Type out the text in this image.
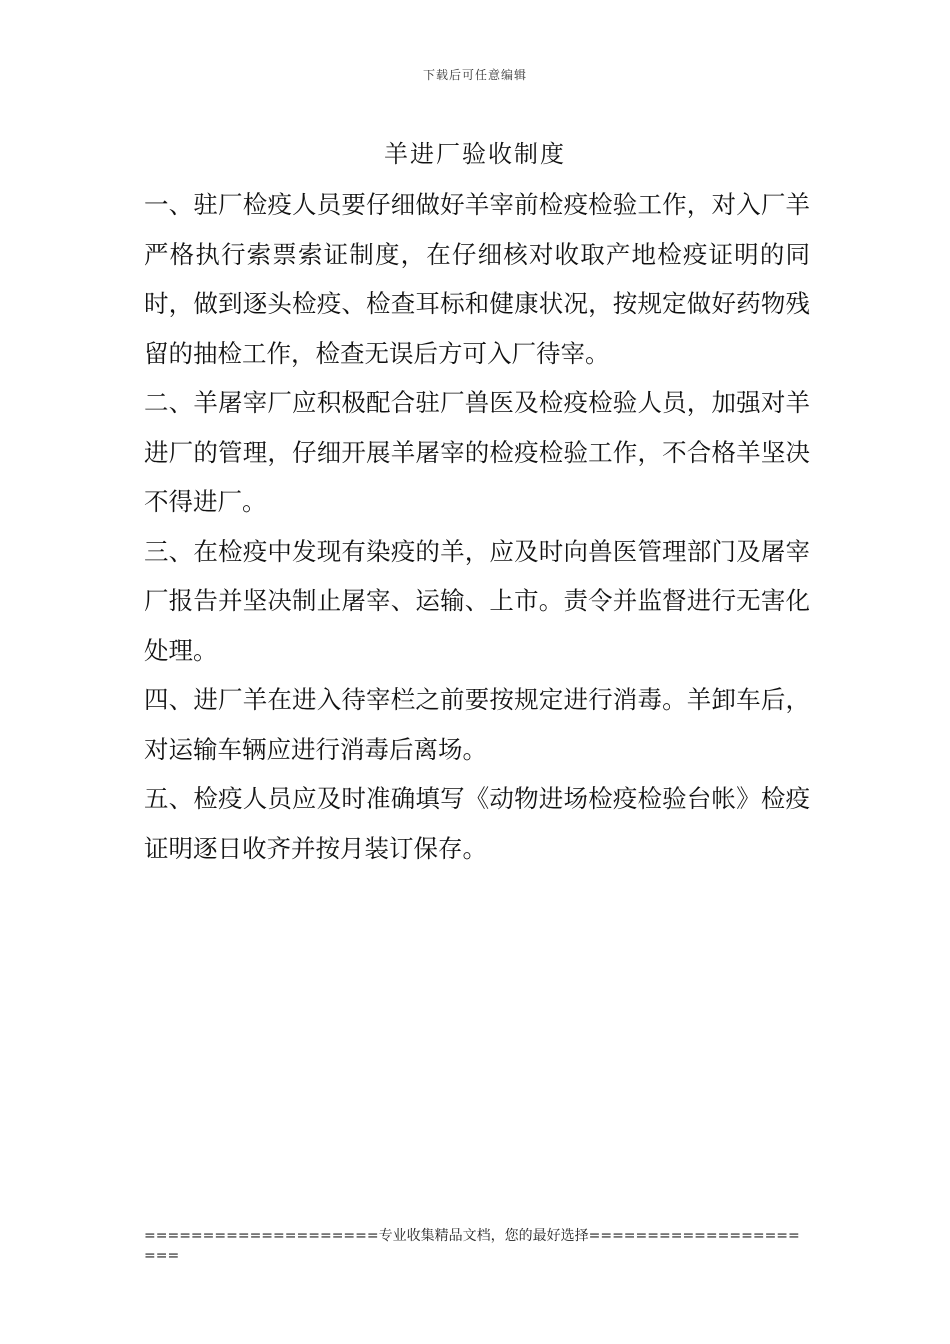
下载后可任意编辑
羊进厂验收制度

一、驻厂检疫人员要仔细做好羊宰前检疫检验工作，对入厂羊严格执行索票索证制度，在仔细核对收取产地检疫证明的同时，做到逐头检疫、检查耳标和健康状况，按规定做好药物残留的抽检工作，检查无误后方可入厂待宰。

二、羊屠宰厂应积极配合驻厂兽医及检疫检验人员，加强对羊进厂的管理，仔细开展羊屠宰的检疫检验工作，不合格羊坚决不得进厂。

三、在检疫中发现有染疫的羊，应及时向兽医管理部门及屠宰厂报告并坚决制止屠宰、运输、上市。责令并监督进行无害化处理。

四、进厂羊在进入待宰栏之前要按规定进行消毒。羊卸车后，对运输车辆应进行消毒后离场。

五、检疫人员应及时准确填写《动物进场检疫检验台帐》检疫证明逐日收齐并按月装订保存。

====================专业收集精品文档，您的最好选择=====================
